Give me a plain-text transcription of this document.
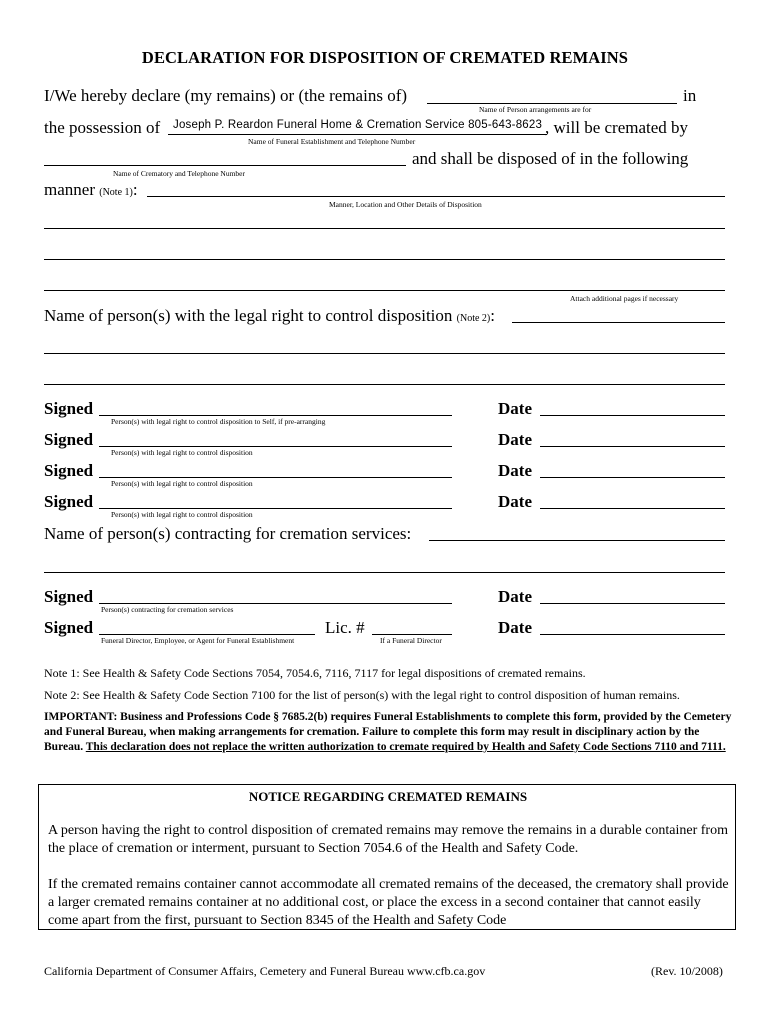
DECLARATION FOR DISPOSITION OF CREMATED REMAINS
I/We hereby declare (my remains) or (the remains of)	in
Name of Person arrangements are for
the possession of Joseph P. Reardon Funeral Home & Cremation Service 805-643-8623 , will be cremated by
Name of Funeral Establishment and Telephone Number
and shall be disposed of in the following
Name of Crematory and Telephone Number
manner (Note 1):
Manner, Location and Other Details of Disposition
Attach additional pages if necessary
Name of person(s) with the legal right to control disposition (Note 2):
Signed
Person(s) with legal right to control disposition to Self, if pre-arranging
Date
Signed
Person(s) with legal right to control disposition
Date
Signed
Person(s) with legal right to control disposition
Date
Signed
Person(s) with legal right to control disposition
Date
Name of person(s) contracting for cremation services:
Signed
Person(s) contracting for cremation services
Date
Signed
Funeral Director, Employee, or Agent for Funeral Establishment
Lic. #
If a Funeral Director
Date
Note 1: See Health & Safety Code Sections 7054, 7054.6, 7116, 7117 for legal dispositions of cremated remains.
Note 2: See Health & Safety Code Section 7100 for the list of person(s) with the legal right to control disposition of human remains.
IMPORTANT: Business and Professions Code § 7685.2(b) requires Funeral Establishments to complete this form, provided by the Cemetery and Funeral Bureau, when making arrangements for cremation. Failure to complete this form may result in disciplinary action by the Bureau. This declaration does not replace the written authorization to cremate required by Health and Safety Code Sections 7110 and 7111.
NOTICE REGARDING CREMATED REMAINS
A person having the right to control disposition of cremated remains may remove the remains in a durable container from the place of cremation or interment, pursuant to Section 7054.6 of the Health and Safety Code.
If the cremated remains container cannot accommodate all cremated remains of the deceased, the crematory shall provide a larger cremated remains container at no additional cost, or place the excess in a second container that cannot easily come apart from the first, pursuant to Section 8345 of the Health and Safety Code
California Department of Consumer Affairs, Cemetery and Funeral Bureau www.cfb.ca.gov	(Rev. 10/2008)
